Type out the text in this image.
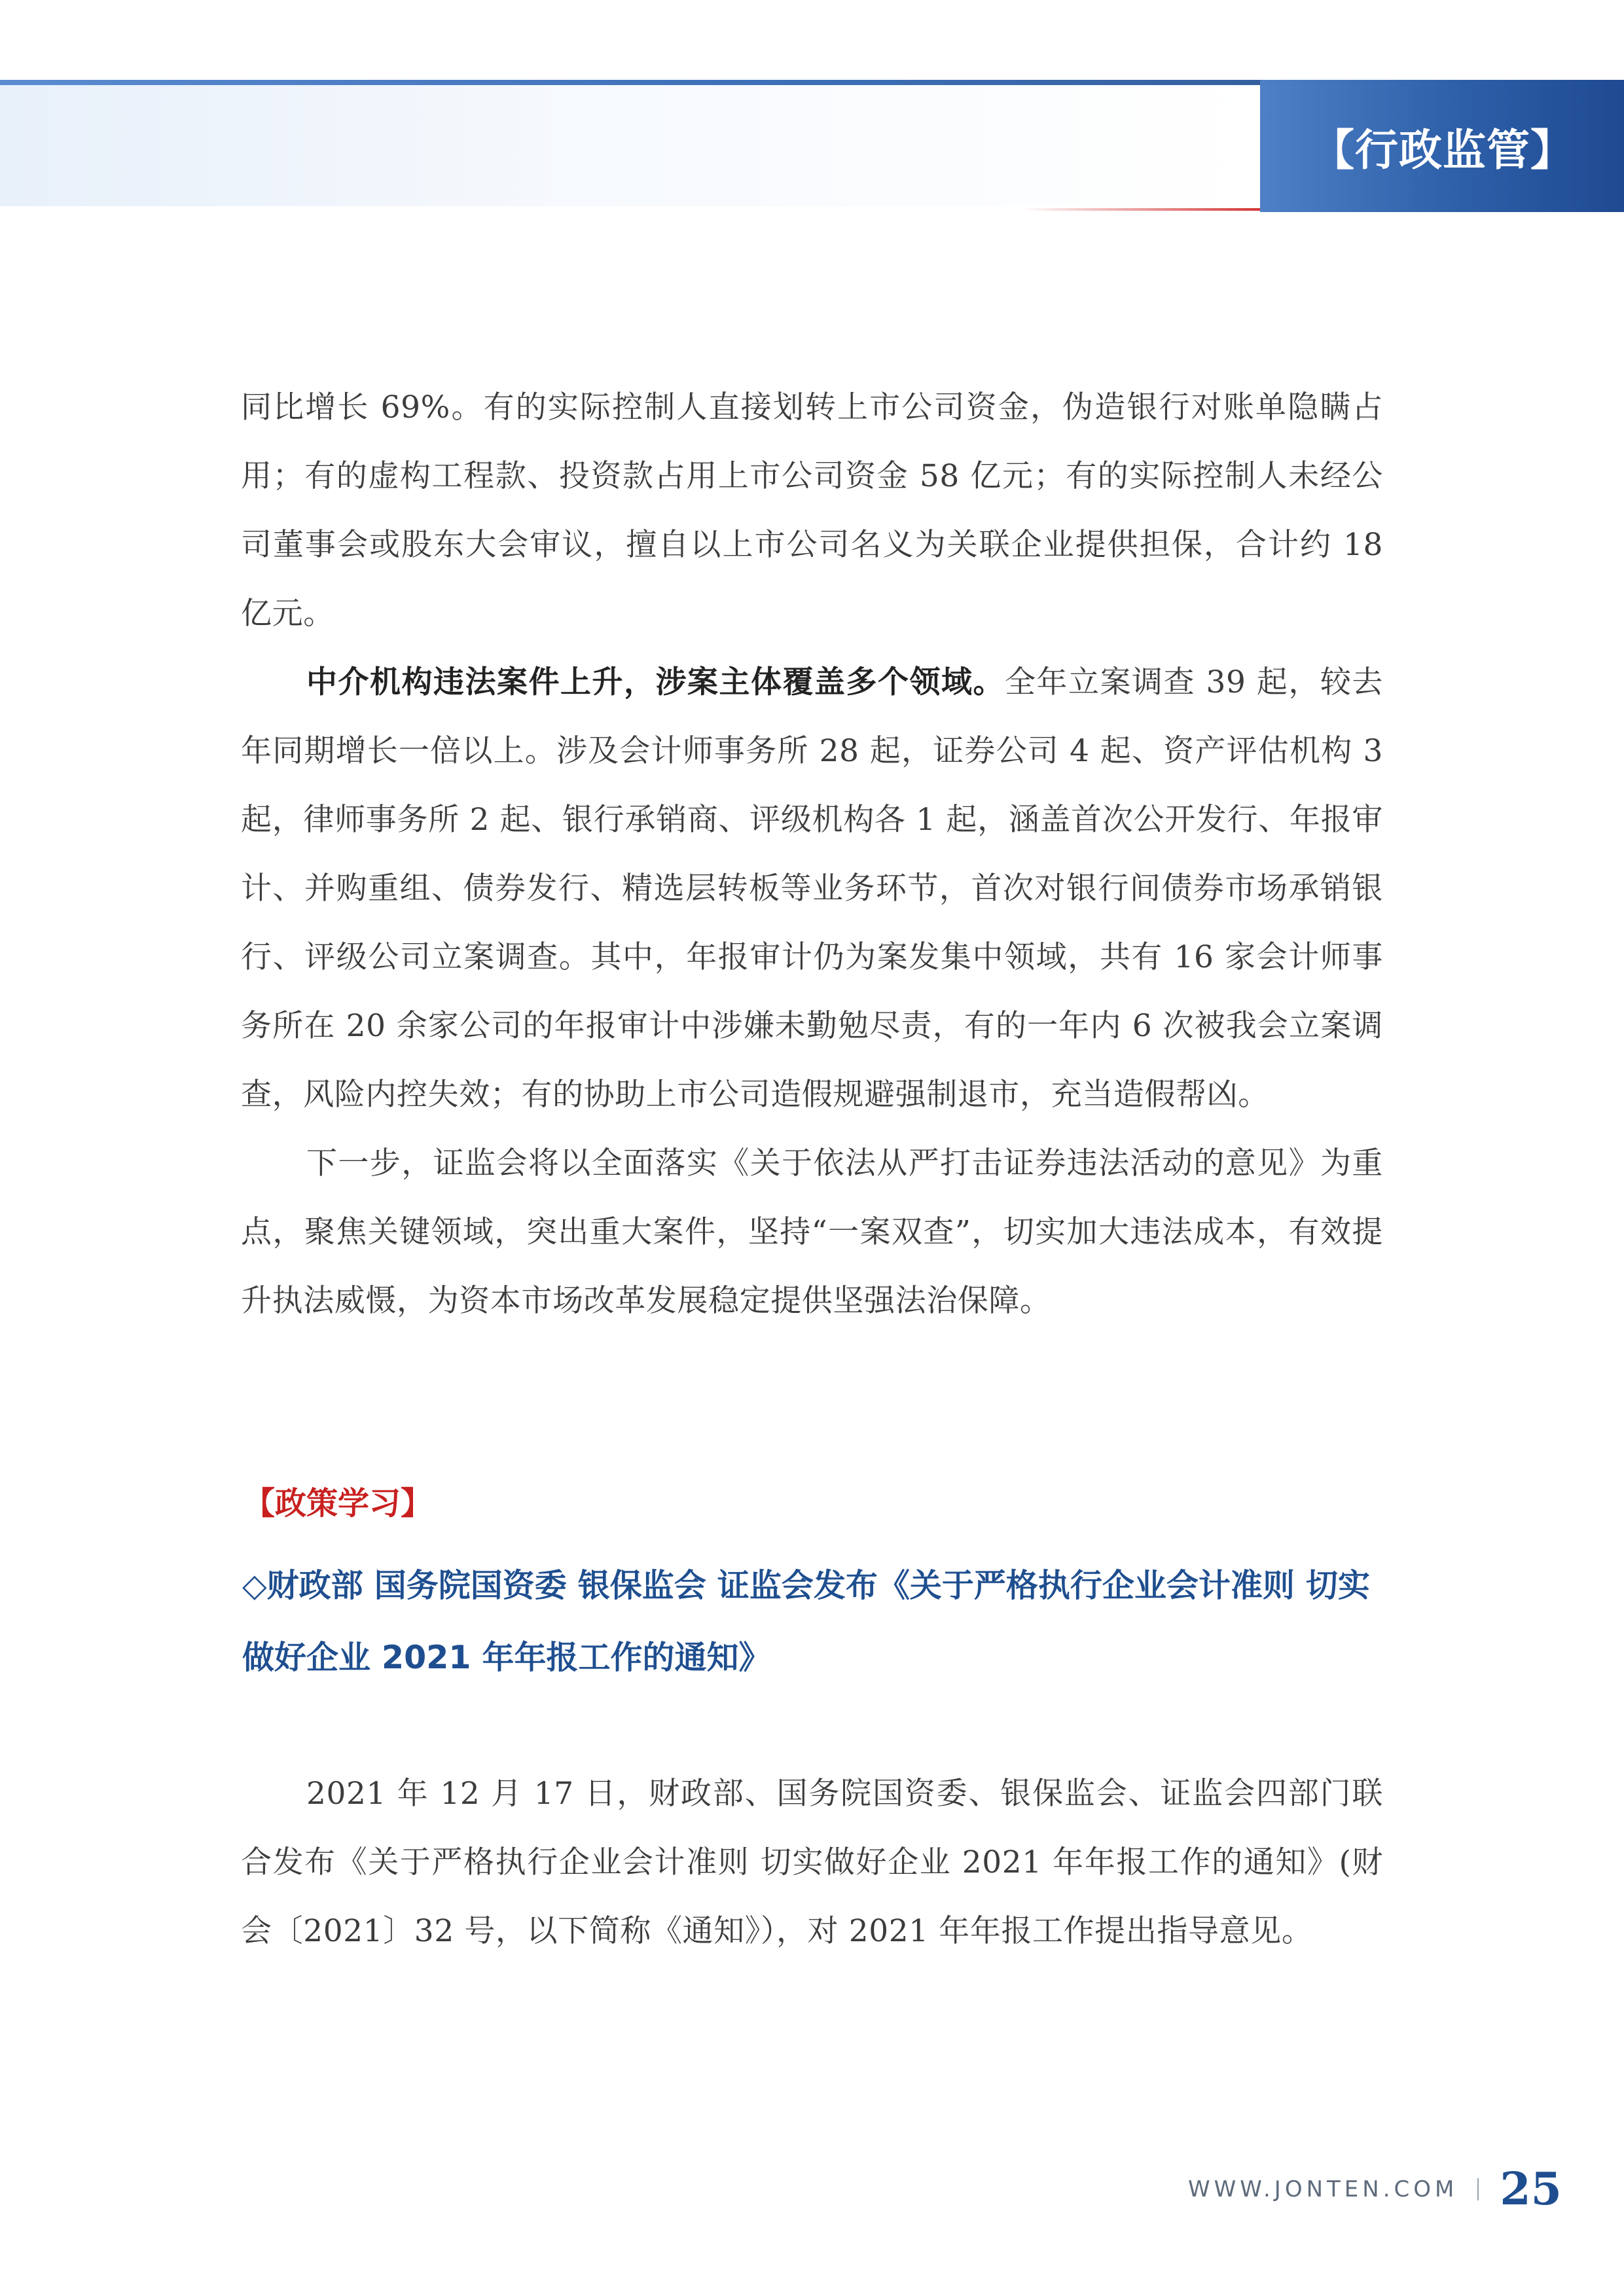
【行政监管】

同比增长 69%。有的实际控制人直接划转上市公司资金，伪造银行对账单隐瞒占用；有的虚构工程款、投资款占用上市公司资金 58 亿元；有的实际控制人未经公司董事会或股东大会审议，擅自以上市公司名义为关联企业提供担保，合计约 18 亿元。

中介机构违法案件上升，涉案主体覆盖多个领域。全年立案调查 39 起，较去年同期增长一倍以上。涉及会计师事务所 28 起，证券公司 4 起、资产评估机构 3 起，律师事务所 2 起、银行承销商、评级机构各 1 起，涵盖首次公开发行、年报审计、并购重组、债券发行、精选层转板等业务环节，首次对银行间债券市场承销银行、评级公司立案调查。其中，年报审计仍为案发集中领域，共有 16 家会计师事务所在 20 余家公司的年报审计中涉嫌未勤勉尽责，有的一年内 6 次被我会立案调查，风险内控失效；有的协助上市公司造假规避强制退市，充当造假帮凶。

下一步，证监会将以全面落实《关于依法从严打击证券违法活动的意见》为重点，聚焦关键领域，突出重大案件，坚持“一案双查”，切实加大违法成本，有效提升执法威慑，为资本市场改革发展稳定提供坚强法治保障。

【政策学习】
◇财政部 国务院国资委 银保监会 证监会发布《关于严格执行企业会计准则 切实做好企业 2021 年年报工作的通知》

2021 年 12 月 17 日，财政部、国务院国资委、银保监会、证监会四部门联合发布《关于严格执行企业会计准则 切实做好企业 2021 年年报工作的通知》(财会〔2021〕32 号，以下简称《通知》），对 2021 年年报工作提出指导意见。

WWW.JONTEN.COM 25
